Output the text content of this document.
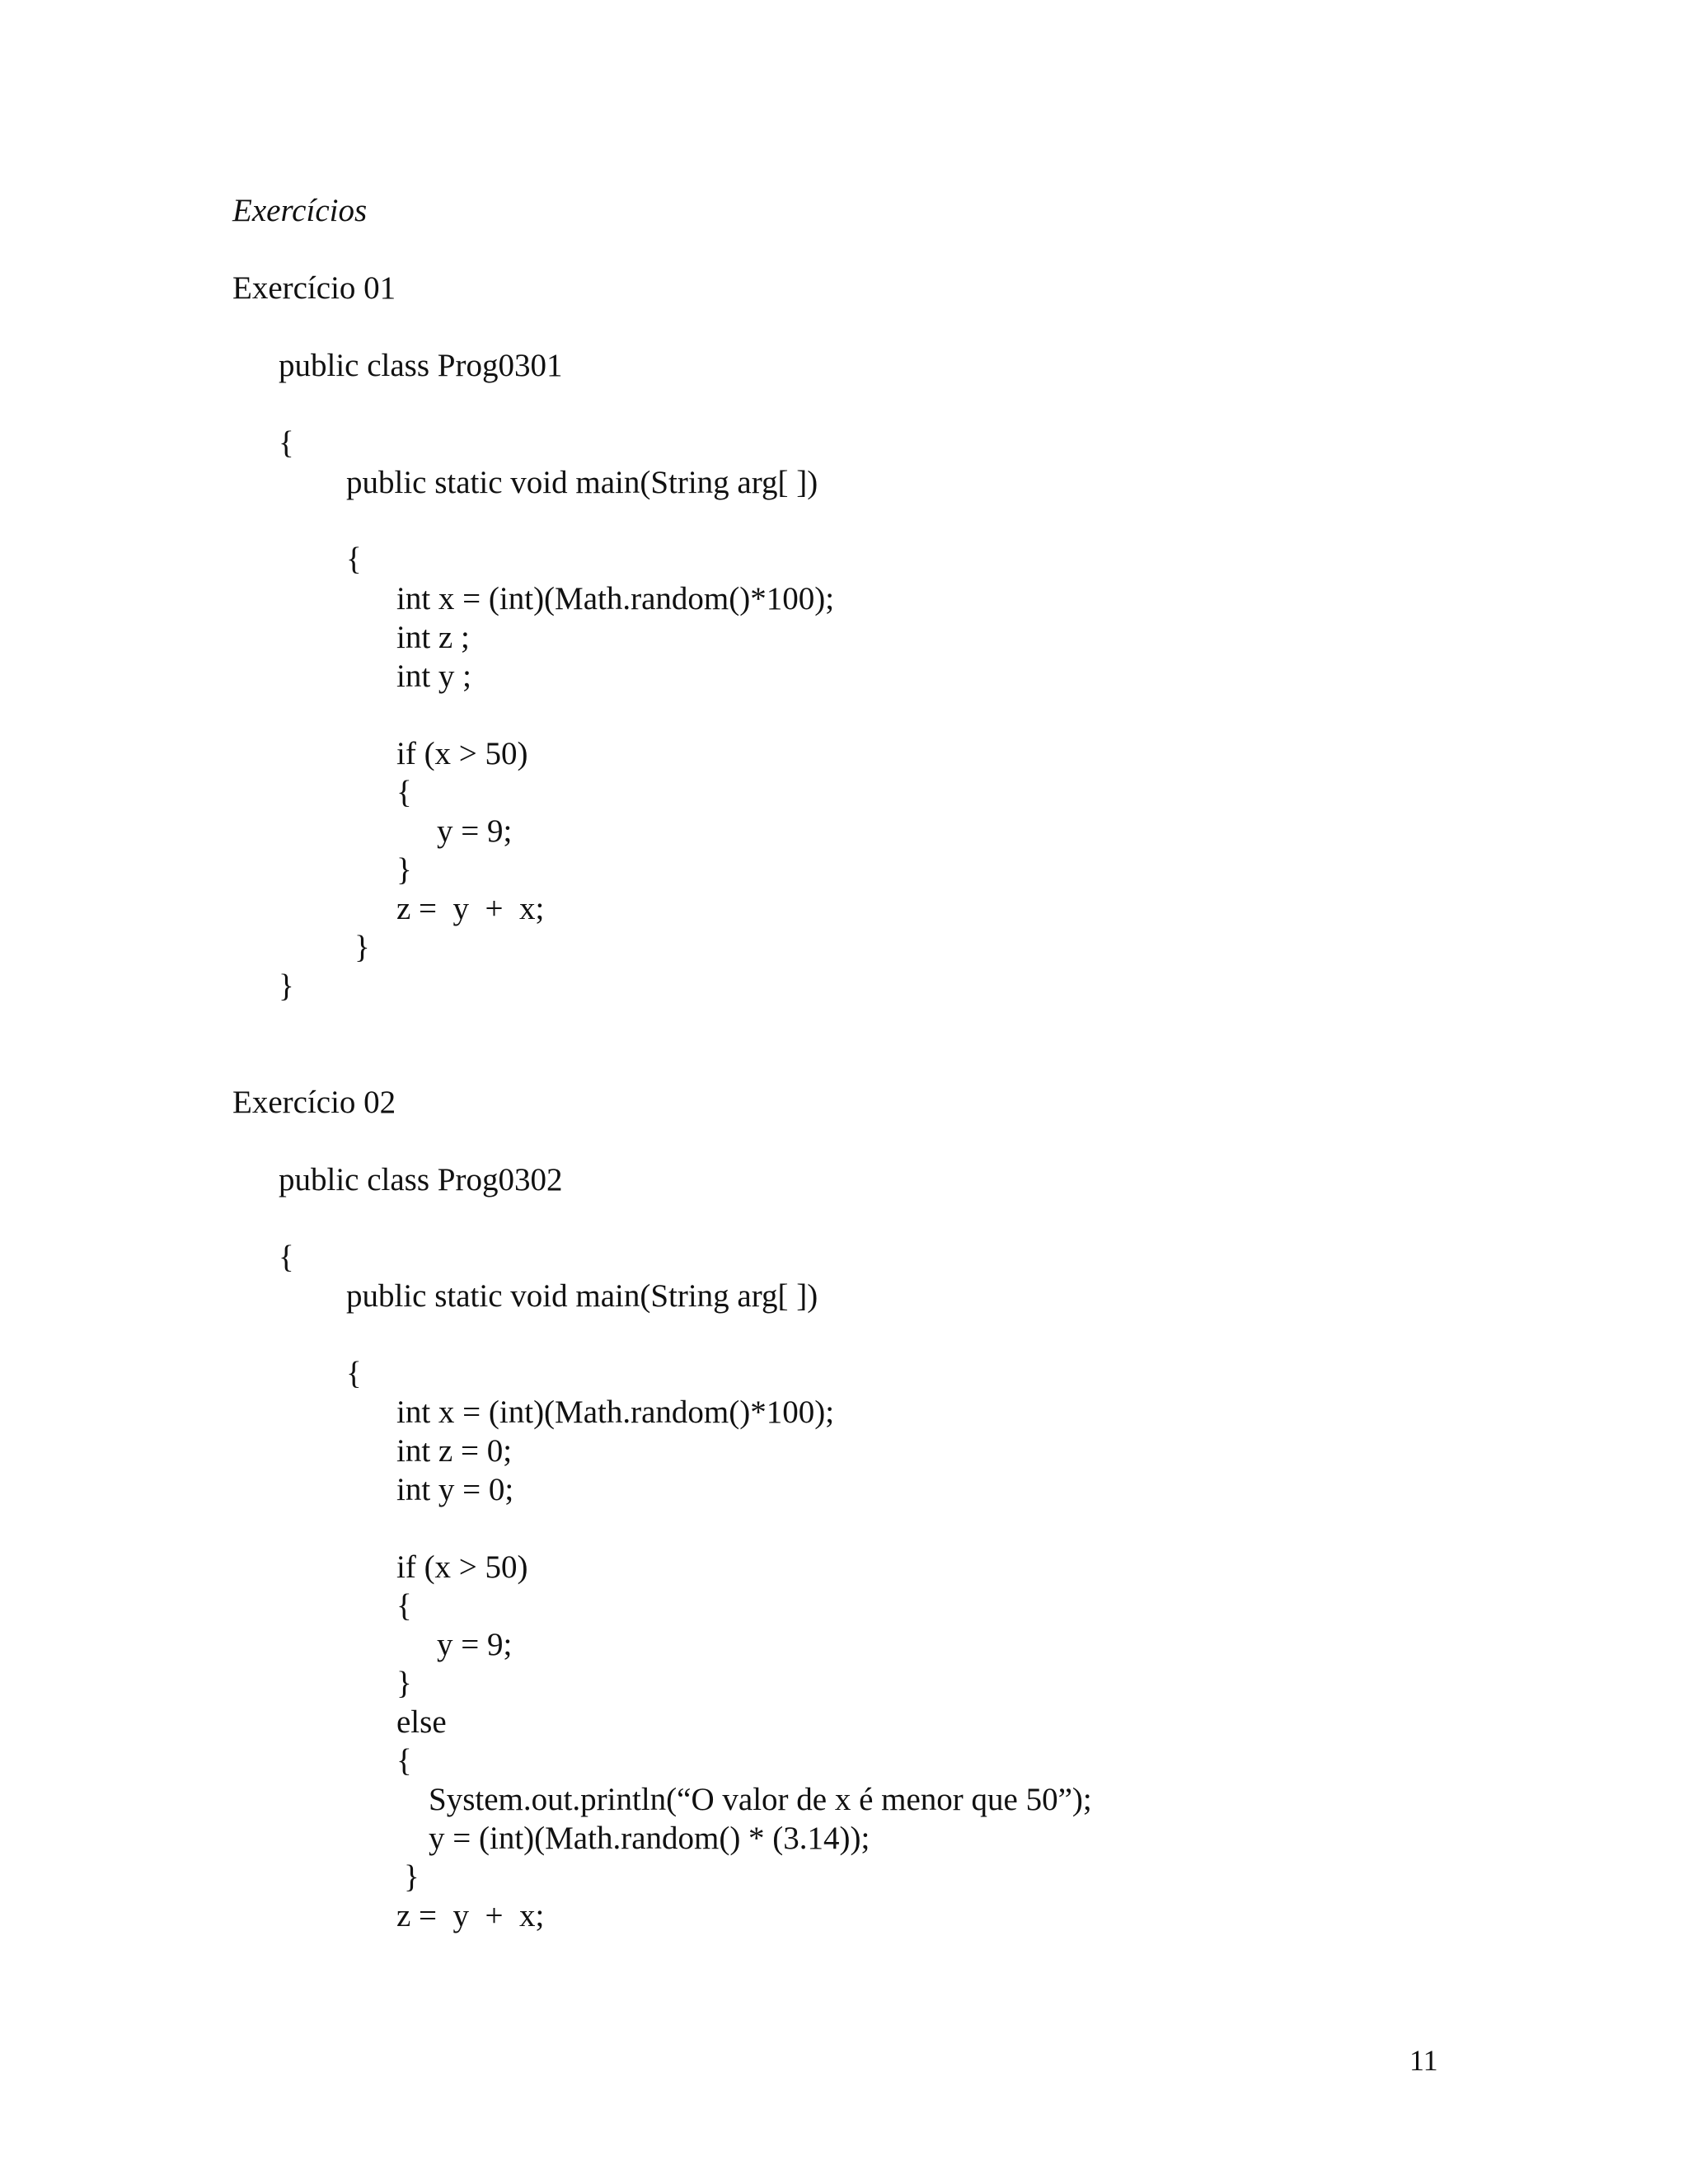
Exercícios
Exercício 01
public class Prog0301
{
public static void main(String arg[ ])
{
int x = (int)(Math.random()*100);
int z ;
int y ;
if (x > 50)
{
y = 9;
}
z =  y  +  x;
}
}
Exercício 02
public class Prog0302
{
public static void main(String arg[ ])
{
int x = (int)(Math.random()*100);
int z = 0;
int y = 0;
if (x > 50)
{
y = 9;
}
else
{
System.out.println(“O valor de x é menor que 50”);
y = (int)(Math.random() * (3.14));
}
z =  y  +  x;
11
